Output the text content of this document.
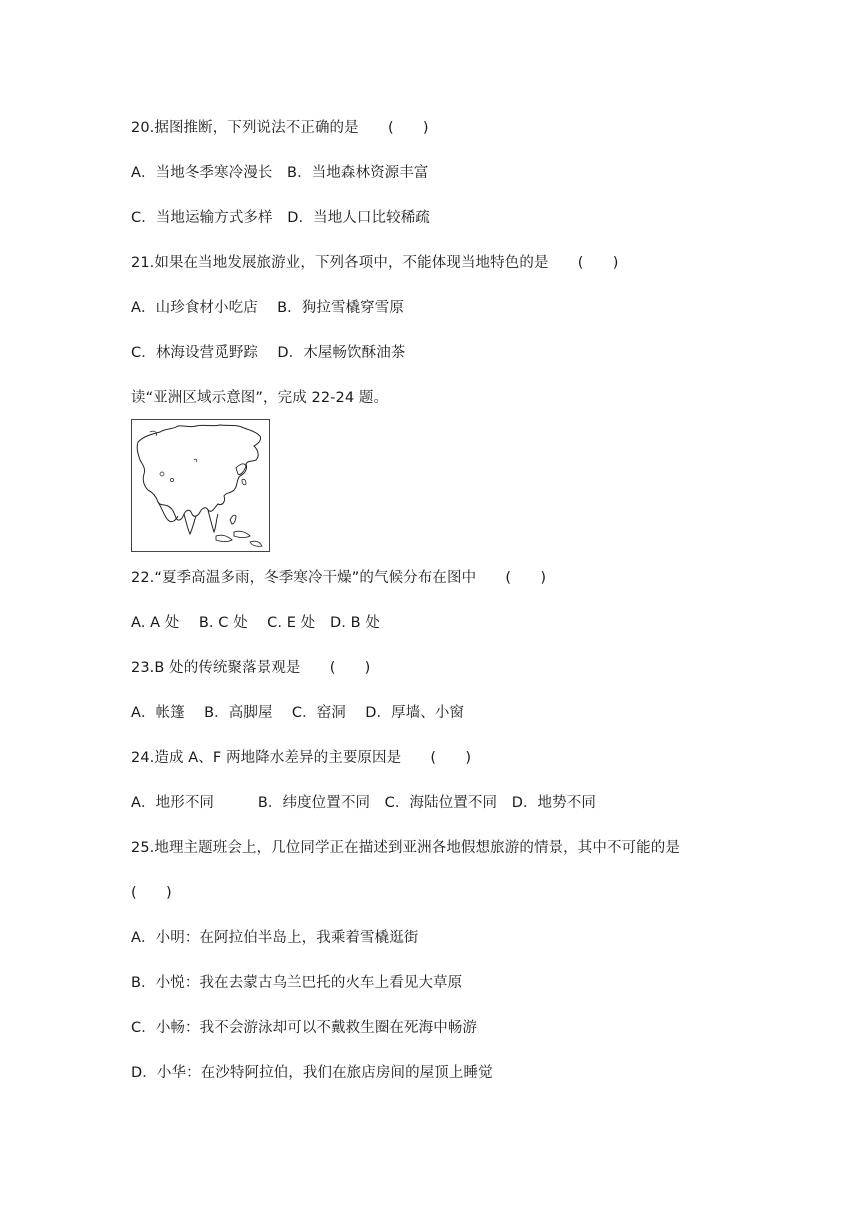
20.据图推断，下列说法不正确的是　　(　　)
A．当地冬季寒冷漫长　B．当地森林资源丰富
C．当地运输方式多样　D．当地人口比较稀疏
21.如果在当地发展旅游业，下列各项中，不能体现当地特色的是　　(　　)
A．山珍食材小吃店　 B．狗拉雪橇穿雪原
C．林海设营觅野踪　 D．木屋畅饮酥油茶
读“亚洲区域示意图”，完成 22-24 题。
22.“夏季高温多雨，冬季寒冷干燥”的气候分布在图中　　(　　)
A. A 处　 B. C 处　 C. E 处　D. B 处
23.B 处的传统聚落景观是　　(　　)
A．帐篷　 B．高脚屋　 C．窑洞　 D．厚墙、小窗
24.造成 A、F 两地降水差异的主要原因是　　(　　)
A．地形不同　　　B．纬度位置不同　C．海陆位置不同　D．地势不同
25.地理主题班会上，几位同学正在描述到亚洲各地假想旅游的情景，其中不可能的是
(　　)
A．小明：在阿拉伯半岛上，我乘着雪橇逛街
B．小悦：我在去蒙古乌兰巴托的火车上看见大草原
C．小畅：我不会游泳却可以不戴救生圈在死海中畅游
D．小华：在沙特阿拉伯，我们在旅店房间的屋顶上睡觉
